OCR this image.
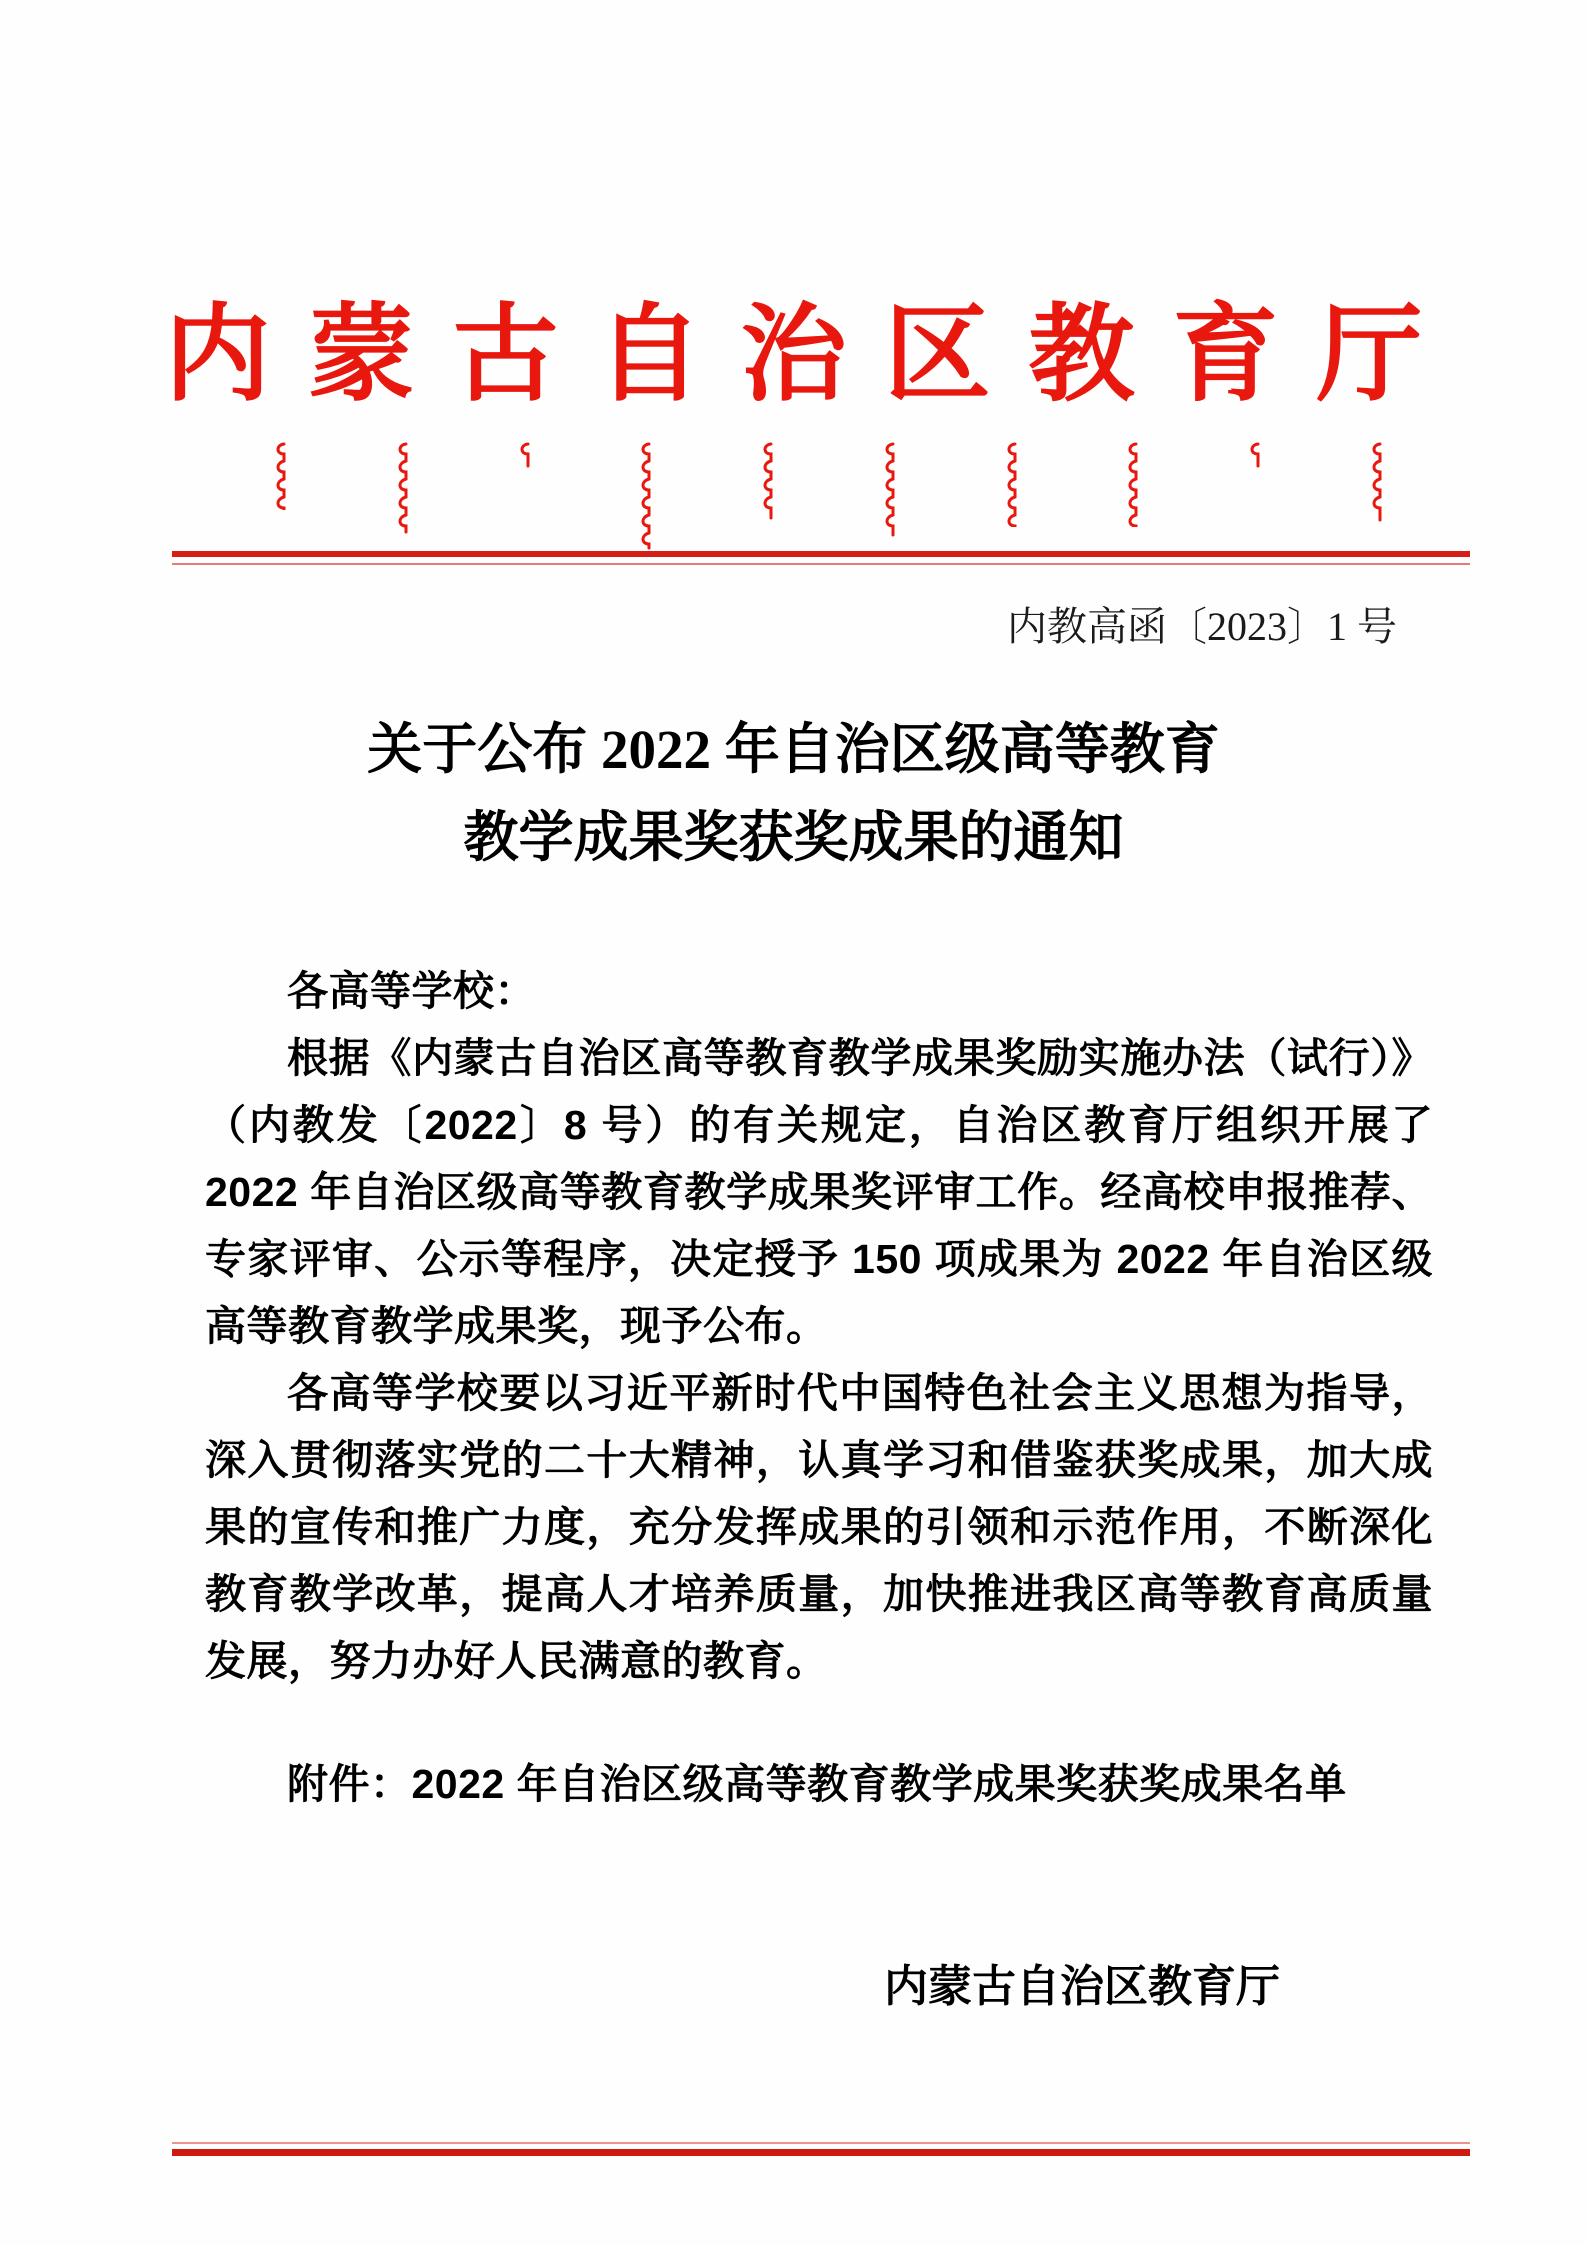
内蒙古自治区教育厅
内教高函〔2023〕1 号
关于公布 2022 年自治区级高等教育
教学成果奖获奖成果的通知

各高等学校：

根据《内蒙古自治区高等教育教学成果奖励实施办法（试行）》（内教发〔2022〕8 号）的有关规定，自治区教育厅组织开展了 2022 年自治区级高等教育教学成果奖评审工作。经高校申报推荐、专家评审、公示等程序，决定授予 150 项成果为 2022 年自治区级高等教育教学成果奖，现予公布。

各高等学校要以习近平新时代中国特色社会主义思想为指导，深入贯彻落实党的二十大精神，认真学习和借鉴获奖成果，加大成果的宣传和推广力度，充分发挥成果的引领和示范作用，不断深化教育教学改革，提高人才培养质量，加快推进我区高等教育高质量发展，努力办好人民满意的教育。

附件：2022 年自治区级高等教育教学成果奖获奖成果名单

内蒙古自治区教育厅
